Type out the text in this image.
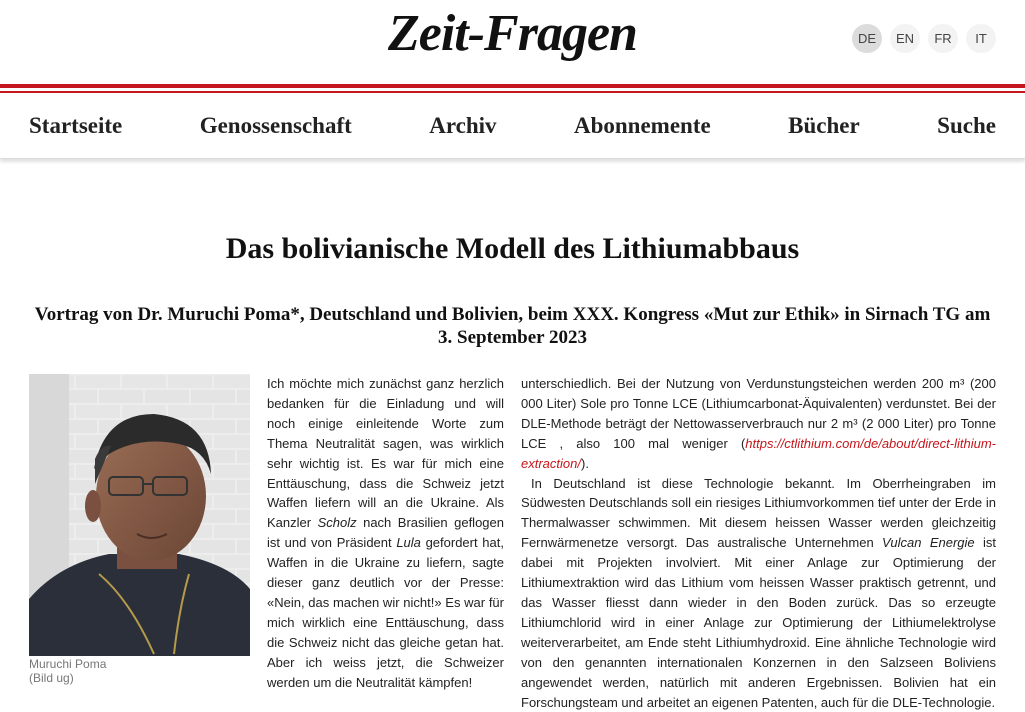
Zeit-Fragen	DE	EN	FR	IT
Startseite	Genossenschaft	Archiv	Abonnemente	Bücher	Suche
Das bolivianische Modell des Lithiumabbaus
Vortrag von Dr. Muruchi Poma*, Deutschland und Bolivien, beim XXX. Kongress «Mut zur Ethik» in Sirnach TG am 3. September 2023
Muruchi Poma
(Bild ug)

Ich möchte mich zunächst ganz herzlich bedanken für die Einladung und will noch einige einleitende Worte zum Thema Neutralität sagen, was wirklich sehr wichtig ist. Es war für mich eine Enttäuschung, dass die Schweiz jetzt Waffen liefern will an die Ukraine. Als Kanzler Scholz nach Brasilien geflogen ist und von Präsident Lula gefordert hat, Waffen in die Ukraine zu liefern, sagte dieser ganz deutlich vor der Presse: «Nein, das machen wir nicht!» Es war für mich wirklich eine Enttäuschung, dass die Schweiz nicht das gleiche getan hat. Aber ich weiss jetzt, die Schweizer werden um die Neutralität kämpfen!

unterschiedlich. Bei der Nutzung von Verdunstungsteichen werden 200 m³ (200 000 Liter) Sole pro Tonne LCE (Lithiumcarbonat-Äquivalenten) verdunstet. Bei der DLE-Methode beträgt der Nettowasserverbrauch nur 2 m³ (2 000 Liter) pro Tonne LCE , also 100 mal weniger (https://ctlithium.com/de/about/direct-lithium-extraction/).

In Deutschland ist diese Technologie bekannt. Im Oberrheingraben im Südwesten Deutschlands soll ein riesiges Lithiumvorkommen tief unter der Erde in Thermalwasser schwimmen. Mit diesem heissen Wasser werden gleichzeitig Fernwärmenetze versorgt. Das australische Unternehmen Vulcan Energie ist dabei mit Projekten involviert. Mit einer Anlage zur Optimierung der Lithiumextraktion wird das Lithium vom heissen Wasser praktisch getrennt, und das Wasser fliesst dann wieder in den Boden zurück. Das so erzeugte Lithiumchlorid wird in einer Anlage zur Optimierung der Lithiumelektrolyse weiterverarbeitet, am Ende steht Lithiumhydroxid. Eine ähnliche Technologie wird von den genannten internationalen Konzernen in den Salzseen Boliviens angewendet werden, natürlich mit anderen Ergebnissen. Bolivien hat ein Forschungsteam und arbeitet an eigenen Patenten, auch für die DLE-Technologie.
